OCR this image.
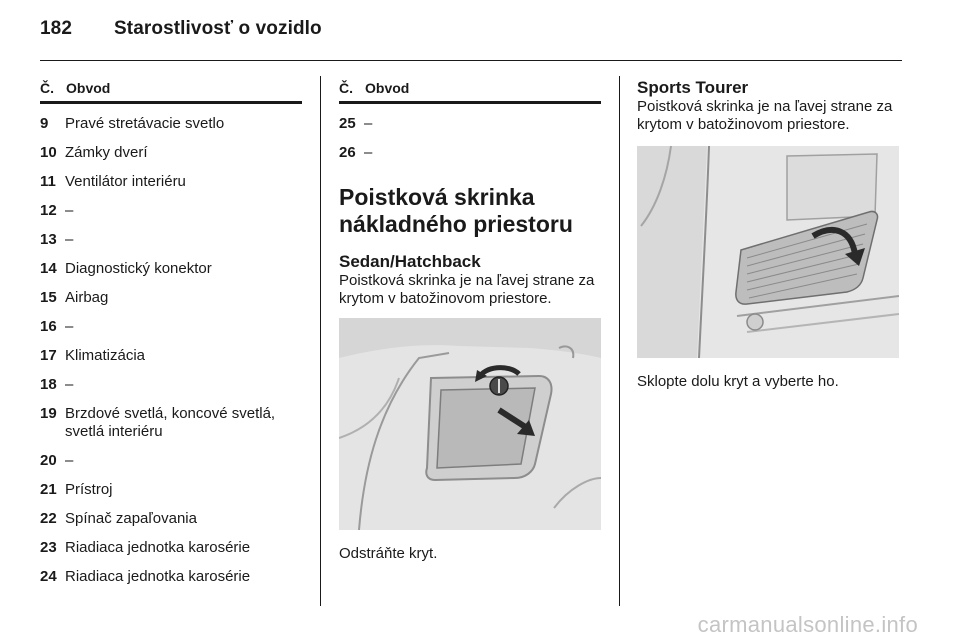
182 Starostlivosť o vozidlo
Č. Obvod
9	Pravé stretávacie svetlo
10 Zámky dverí
11 Ventilátor interiéru
12 –
13 –
14 Diagnostický konektor
15 Airbag
16 –
17 Klimatizácia
18 –
19 Brzdové svetlá, koncové svetlá, svetlá interiéru
20 –
21 Prístroj
22 Spínač zapaľovania
23 Riadiaca jednotka karosérie
24 Riadiaca jednotka karosérie
Č. Obvod
25 –
26 –
Poistková skrinka
nákladného priestoru
Sedan/Hatchback
Poistková skrinka je na ľavej strane za krytom v batožinovom priestore.
Odstráňte kryt.
Sports Tourer
Poistková skrinka je na ľavej strane za krytom v batožinovom priestore.
Sklopte dolu kryt a vyberte ho.
carmanualsonline.info
